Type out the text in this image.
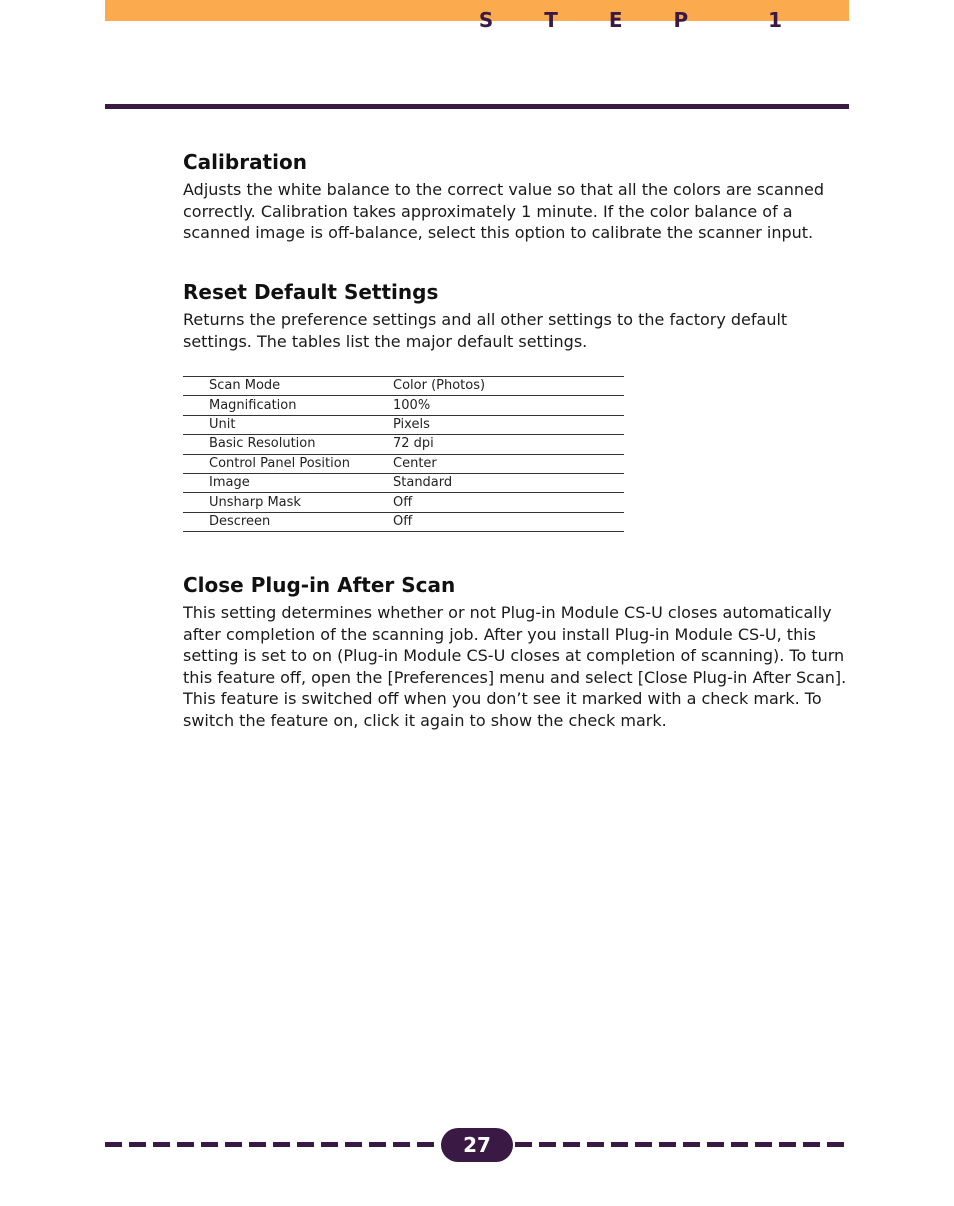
S T E P  1
Calibration

Adjusts the white balance to the correct value so that all the colors are scanned correctly. Calibration takes approximately 1 minute. If the color balance of a scanned image is off-balance, select this option to calibrate the scanner input.

Reset Default Settings

Returns the preference settings and all other settings to the factory default settings. The tables list the major default settings.

Scan Mode	Color (Photos)
Magnification	100%
Unit	Pixels
Basic Resolution	72 dpi
Control Panel Position	Center
Image	Standard
Unsharp Mask	Off
Descreen	Off
Close Plug-in After Scan

This setting determines whether or not Plug-in Module CS-U closes automatically after completion of the scanning job. After you install Plug-in Module CS-U, this setting is set to on (Plug-in Module CS-U closes at completion of scanning). To turn this feature off, open the [Preferences] menu and select [Close Plug-in After Scan]. This feature is switched off when you don’t see it marked with a check mark. To switch the feature on, click it again to show the check mark.

27
